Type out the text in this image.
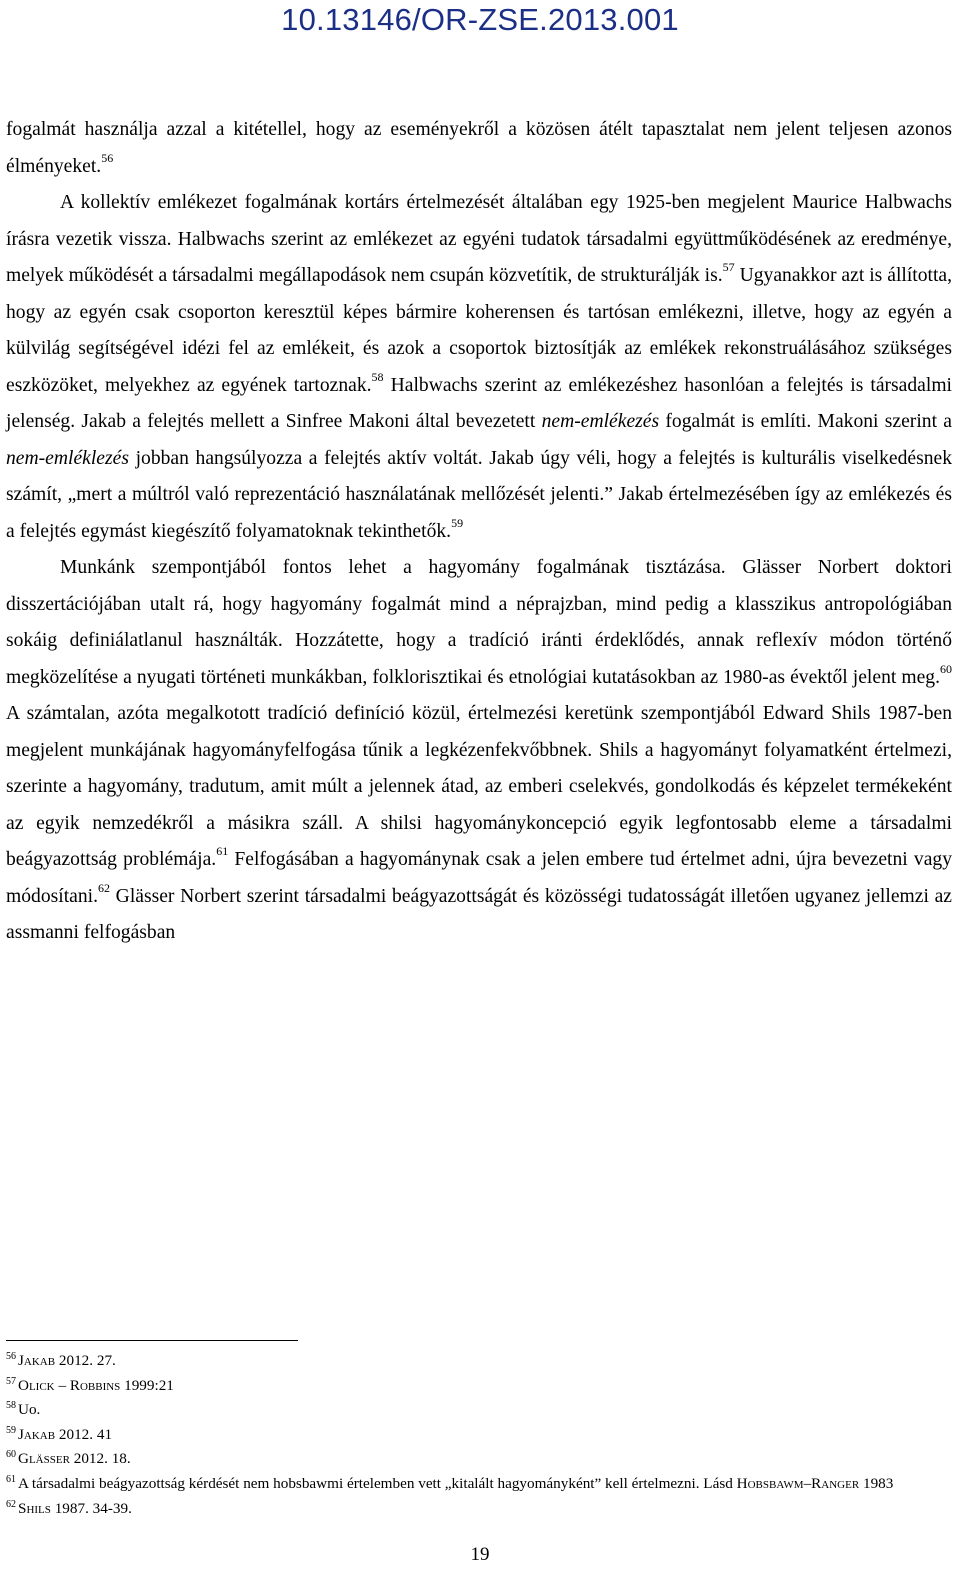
10.13146/OR-ZSE.2013.001

fogalmát használja azzal a kitétellel, hogy az eseményekről a közösen átélt tapasztalat nem jelent teljesen azonos élményeket.$^{56}$

A kollektív emlékezet fogalmának kortárs értelmezését általában egy 1925-ben megjelent Maurice Halbwachs írásra vezetik vissza. Halbwachs szerint az emlékezet az egyéni tudatok társadalmi együttműködésének az eredménye, melyek működését a társadalmi megállapodások nem csupán közvetítik, de strukturálják is.$^{57}$ Ugyanakkor azt is állította, hogy az egyén csak csoporton keresztül képes bármire koherensen és tartósan emlékezni, illetve, hogy az egyén a külvilág segítségével idézi fel az emlékeit, és azok a csoportok biztosítják az emlékek rekonstruálásához szükséges eszközöket, melyekhez az egyének tartoznak.$^{58}$ Halbwachs szerint az emlékezéshez hasonlóan a felejtés is társadalmi jelenség. Jakab a felejtés mellett a Sinfree Makoni által bevezetett nem-emlékezés fogalmát is említi. Makoni szerint a nem-emléklezés jobban hangsúlyozza a felejtés aktív voltát. Jakab úgy véli, hogy a felejtés is kulturális viselkedésnek számít, „mert a múltról való reprezentáció használatának mellőzését jelenti.” Jakab értelmezésében így az emlékezés és a felejtés egymást kiegészítő folyamatoknak tekinthetők.$^{59}$

Munkánk szempontjából fontos lehet a hagyomány fogalmának tisztázása. Glässer Norbert doktori disszertációjában utalt rá, hogy hagyomány fogalmát mind a néprajzban, mind pedig a klasszikus antropológiában sokáig definiálatlanul használták. Hozzátette, hogy a tradíció iránti érdeklődés, annak reflexív módon történő megközelítése a nyugati történeti munkákban, folklorisztikai és etnológiai kutatásokban az 1980-as évektől jelent meg.$^{60}$ A számtalan, azóta megalkotott tradíció definíció közül, értelmezési keretünk szempontjából Edward Shils 1987-ben megjelent munkájának hagyományfelfogása tűnik a legkézenfekvőbbnek. Shils a hagyományt folyamatként értelmezi, szerinte a hagyomány, tradutum, amit múlt a jelennek átad, az emberi cselekvés, gondolkodás és képzelet termékeként az egyik nemzedékről a másikra száll. A shilsi hagyománykoncepció egyik legfontosabb eleme a társadalmi beágyazottság problémája.$^{61}$ Felfogásában a hagyománynak csak a jelen embere tud értelmet adni, újra bevezetni vagy módosítani.$^{62}$ Glässer Norbert szerint társadalmi beágyazottságát és közösségi tudatosságát illetően ugyanez jellemzi az assmanni felfogásban

$^{56}$ Jakab 2012. 27.
$^{57}$ Olick – Robbins 1999:21
$^{58}$ Uo.
$^{59}$ Jakab 2012. 41
$^{60}$ Glässer 2012. 18.
$^{61}$ A társadalmi beágyazottság kérdését nem hobsbawmi értelemben vett „kitalált hagyományként” kell értelmezni. Lásd Hobsbawm–Ranger 1983
$^{62}$ Shils 1987. 34-39.
19
